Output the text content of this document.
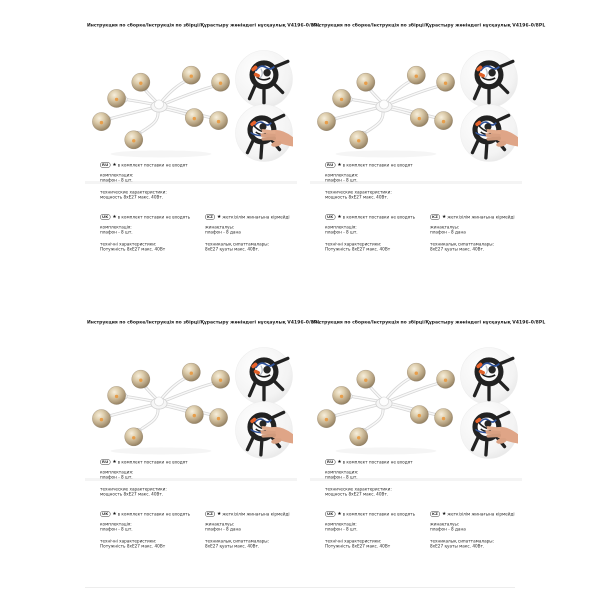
Инструкция по сборке/Інструкція по збірці/Құрастыру жөніндегі нұсқаулық V4196-0/8PL
RU ★в комплект поставки не входят
комплектация:
плафон - 8 шт.
технические характеристики:
мощность 8хЕ27 макс. 40Вт.
UK ★в комплект поставки не входять
комплектація:
плафон - 8 шт.
технічні характеристики:
Потужність 8хЕ27 макс. 40Вт
KZ ★жеткізілім жинағына кірмейді
жинақталуы:
плафон - 8 дана
техникалық сипаттамалары:
8хЕ27 қуаты макс. 40Вт.
Инструкция по сборке/Інструкція по збірці/Құрастыру жөніндегі нұсқаулық V4196-0/8PL
RU ★в комплект поставки не входят
комплектация:
плафон - 8 шт.
технические характеристики:
мощность 8хЕ27 макс. 40Вт.
UK ★в комплект поставки не входять
комплектація:
плафон - 8 шт.
технічні характеристики:
Потужність 8хЕ27 макс. 40Вт
KZ ★жеткізілім жинағына кірмейді
жинақталуы:
плафон - 8 дана
техникалық сипаттамалары:
8хЕ27 қуаты макс. 40Вт.
Инструкция по сборке/Інструкція по збірці/Құрастыру жөніндегі нұсқаулық V4196-0/8PL
RU ★в комплект поставки не входят
комплектация:
плафон - 8 шт.
технические характеристики:
мощность 8хЕ27 макс. 40Вт.
UK ★в комплект поставки не входять
комплектація:
плафон - 8 шт.
технічні характеристики:
Потужність 8хЕ27 макс. 40Вт
KZ ★жеткізілім жинағына кірмейді
жинақталуы:
плафон - 8 дана
техникалық сипаттамалары:
8хЕ27 қуаты макс. 40Вт.
Инструкция по сборке/Інструкція по збірці/Құрастыру жөніндегі нұсқаулық V4196-0/8PL
RU ★в комплект поставки не входят
комплектация:
плафон - 8 шт.
технические характеристики:
мощность 8хЕ27 макс. 40Вт.
UK ★в комплект поставки не входять
комплектація:
плафон - 8 шт.
технічні характеристики:
Потужність 8хЕ27 макс. 40Вт
KZ ★жеткізілім жинағына кірмейді
жинақталуы:
плафон - 8 дана
техникалық сипаттамалары:
8хЕ27 қуаты макс. 40Вт.
